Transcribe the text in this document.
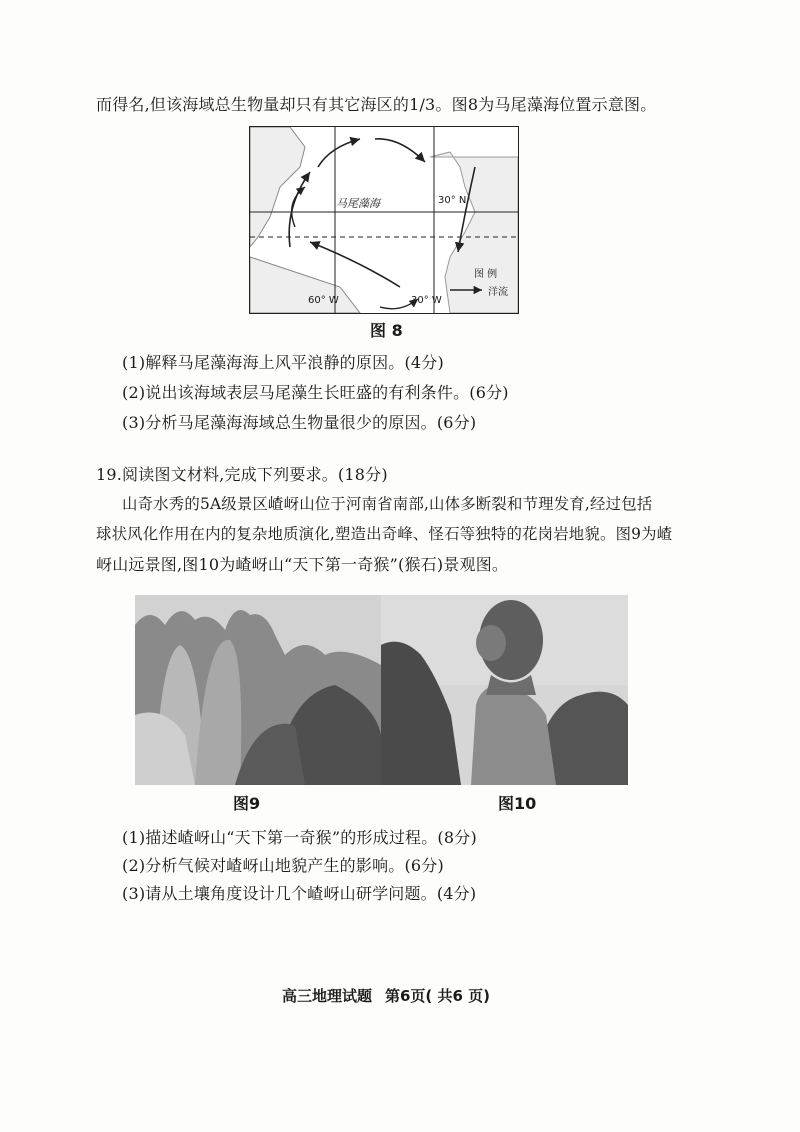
而得名,但该海域总生物量却只有其它海区的1/3。图8为马尾藻海位置示意图。
马尾藻海	30° N
60° W	30° W
图 例
洋流
图 8
(1)解释马尾藻海海上风平浪静的原因。(4分)
(2)说出该海域表层马尾藻生长旺盛的有利条件。(6分)
(3)分析马尾藻海海域总生物量很少的原因。(6分)
19.阅读图文材料,完成下列要求。(18分)
山奇水秀的5A级景区嵖岈山位于河南省南部,山体多断裂和节理发育,经过包括
球状风化作用在内的复杂地质演化,塑造出奇峰、怪石等独特的花岗岩地貌。图9为嵖
岈山远景图,图10为嵖岈山“天下第一奇猴”(猴石)景观图。
图9	图10
(1)描述嵖岈山“天下第一奇猴”的形成过程。(8分)
(2)分析气候对嵖岈山地貌产生的影响。(6分)
(3)请从土壤角度设计几个嵖岈山研学问题。(4分)
高三地理试题 第6页( 共6 页)
